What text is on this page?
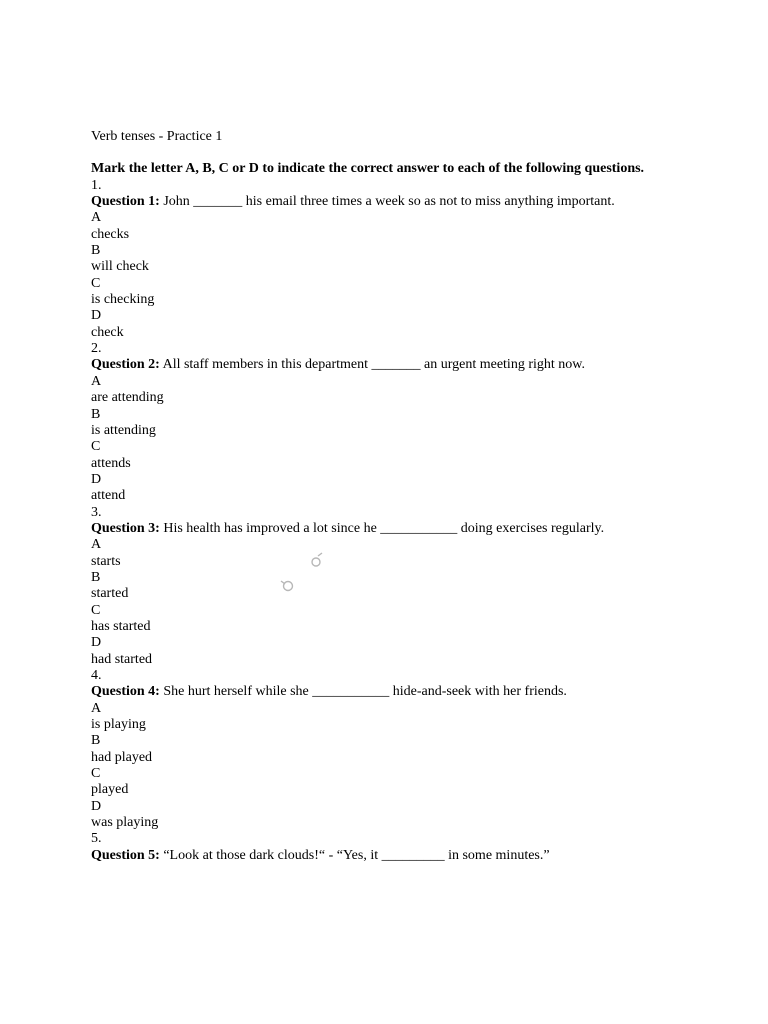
Verb tenses - Practice 1
Mark the letter A, B, C or D to indicate the correct answer to each of the following questions.
1.
Question 1: John _______ his email three times a week so as not to miss anything important.
A
checks
B
will check
C
is checking
D
check
2.
Question 2: All staff members in this department _______ an urgent meeting right now.
A
are attending
B
is attending
C
attends
D
attend
3.
Question 3: His health has improved a lot since he ___________ doing exercises regularly.
A
starts
B
started
C
has started
D
had started
4.
Question 4: She hurt herself while she ___________ hide-and-seek with her friends.
A
is playing
B
had played
C
played
D
was playing
5.
Question 5: “Look at those dark clouds!“ - “Yes, it _________ in some minutes.”
